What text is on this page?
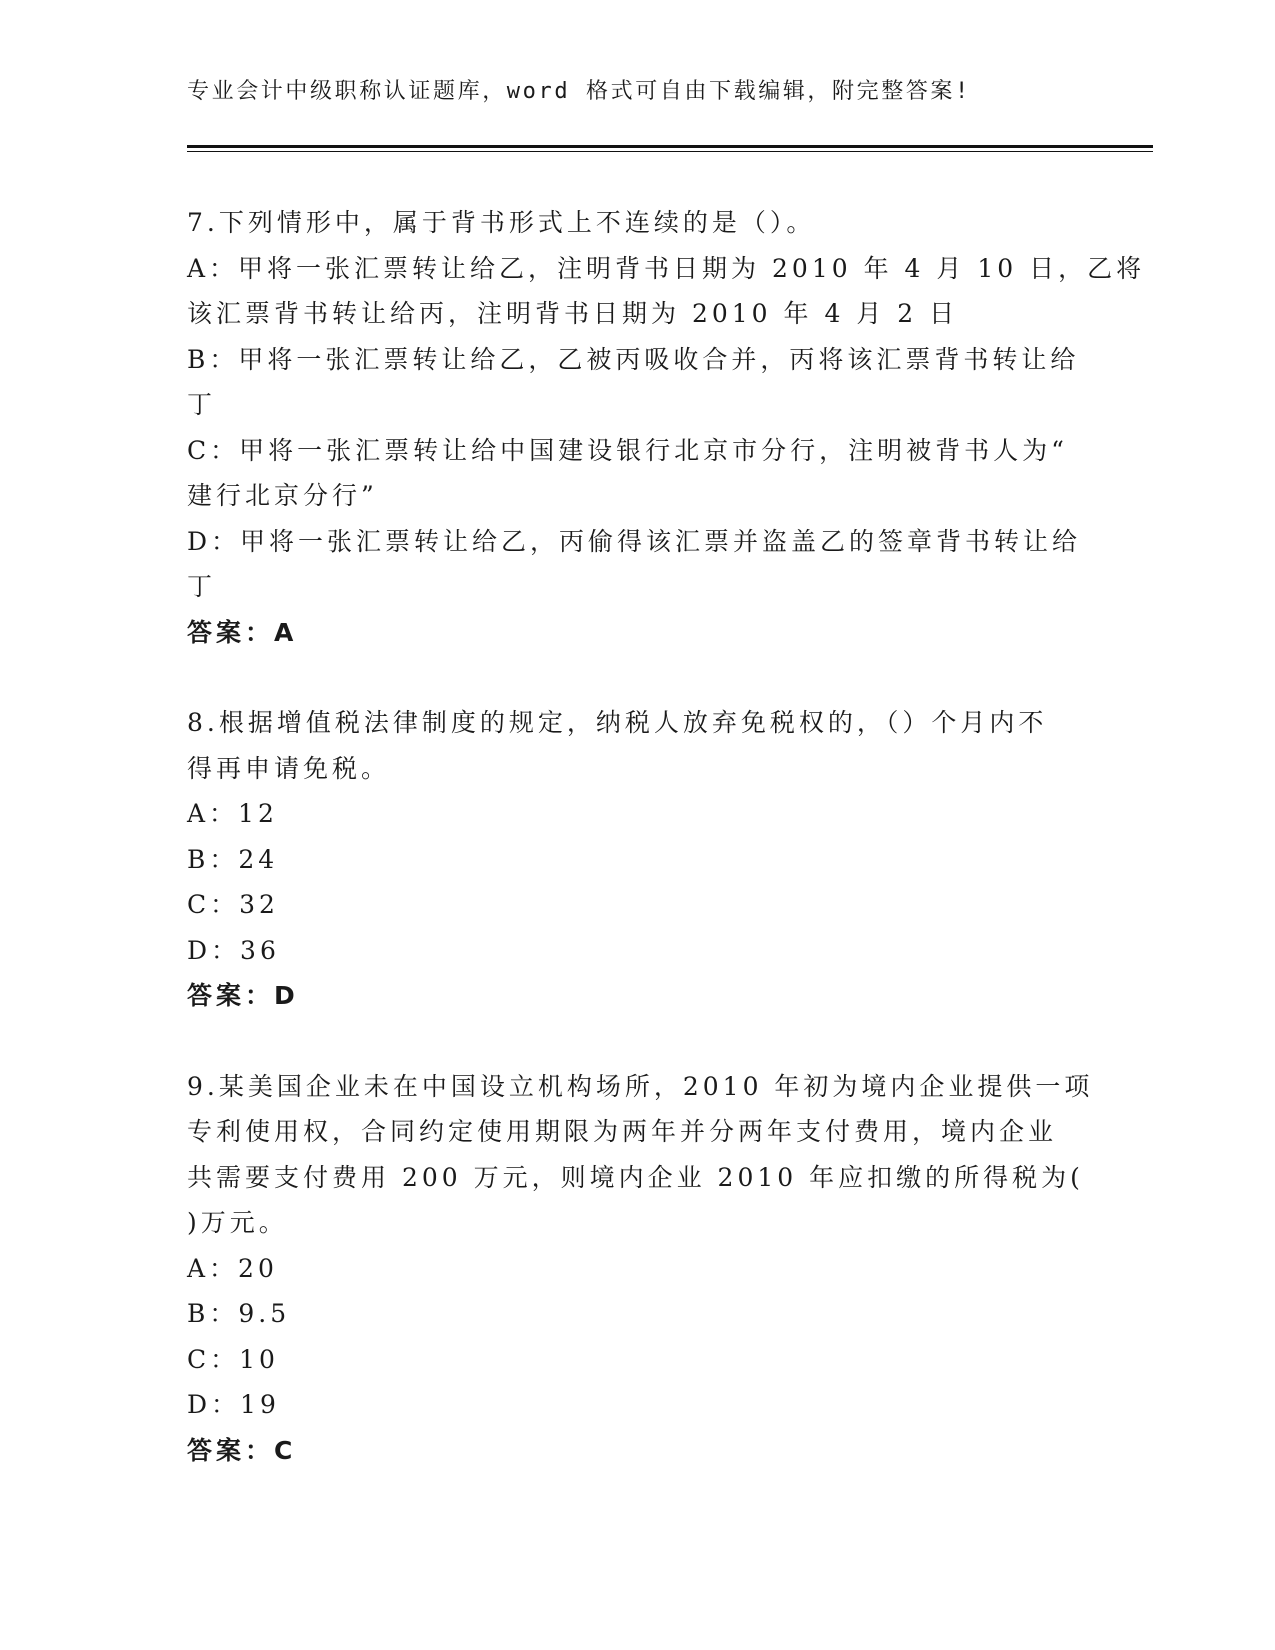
专业会计中级职称认证题库，word 格式可自由下载编辑，附完整答案!
7.下列情形中，属于背书形式上不连续的是（）。
A：甲将一张汇票转让给乙，注明背书日期为 2010 年 4 月 10 日，乙将
该汇票背书转让给丙，注明背书日期为 2010 年 4 月 2 日
B：甲将一张汇票转让给乙，乙被丙吸收合并，丙将该汇票背书转让给
丁
C：甲将一张汇票转让给中国建设银行北京市分行，注明被背书人为“
建行北京分行”
D：甲将一张汇票转让给乙，丙偷得该汇票并盗盖乙的签章背书转让给
丁
答案：A
8.根据增值税法律制度的规定，纳税人放弃免税权的，（）个月内不
得再申请免税。
A：12
B：24
C：32
D：36
答案：D
9.某美国企业未在中国设立机构场所，2010 年初为境内企业提供一项
专利使用权，合同约定使用期限为两年并分两年支付费用，境内企业
共需要支付费用 200 万元，则境内企业 2010 年应扣缴的所得税为(
)万元。
A：20
B：9.5
C：10
D：19
答案：C
